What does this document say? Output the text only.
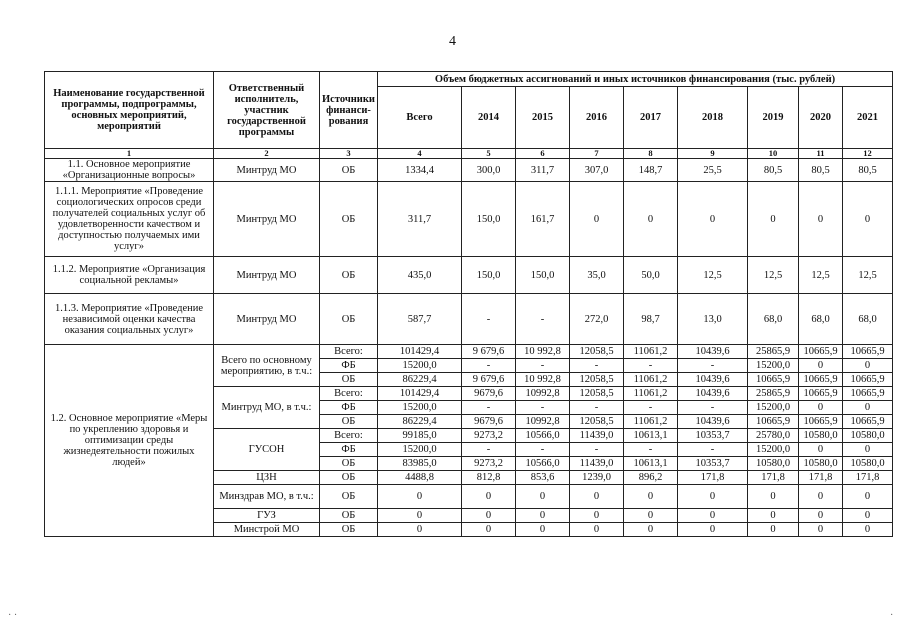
4
Наименование государственной программы, подпрограммы, основных мероприятий, мероприятий	Ответственный исполнитель, участник государственной программы	Источники финанси-рования	Объем бюджетных ассигнований и иных источников финансирования (тыс. рублей)								
			Всего	2014	2015	2016	2017	2018	2019	2020	2021
1	2	3	4	5	6	7	8	9	10	11	12
1.1. Основное мероприятие «Организационные вопросы»	Минтруд МО	ОБ	1334,4	300,0	311,7	307,0	148,7	25,5	80,5	80,5	80,5
1.1.1. Мероприятие «Проведение социологических опросов среди получателей социальных услуг об удовлетворенности качеством и доступностью получаемых ими услуг»	Минтруд МО	ОБ	311,7	150,0	161,7	0	0	0	0	0	0
1.1.2. Мероприятие «Организация социальной рекламы»	Минтруд МО	ОБ	435,0	150,0	150,0	35,0	50,0	12,5	12,5	12,5	12,5
1.1.3. Мероприятие «Проведение независимой оценки качества оказания социальных услуг»	Минтруд МО	ОБ	587,7	-	-	272,0	98,7	13,0	68,0	68,0	68,0
1.2. Основное мероприятие «Меры по укреплению здоровья и оптимизации среды жизнедеятельности пожилых людей»	Всего по основному мероприятию, в т.ч.:	Всего:	101429,4	9 679,6	10 992,8	12058,5	11061,2	10439,6	25865,9	10665,9	10665,9
		ФБ	15200,0	-	-	-	-	-	15200,0	0	0
		ОБ	86229,4	9 679,6	10 992,8	12058,5	11061,2	10439,6	10665,9	10665,9	10665,9
	Минтруд МО, в т.ч.:	Всего:	101429,4	9679,6	10992,8	12058,5	11061,2	10439,6	25865,9	10665,9	10665,9
		ФБ	15200,0	-	-	-	-	-	15200,0	0	0
		ОБ	86229,4	9679,6	10992,8	12058,5	11061,2	10439,6	10665,9	10665,9	10665,9
	ГУСОН	Всего:	99185,0	9273,2	10566,0	11439,0	10613,1	10353,7	25780,0	10580,0	10580,0
		ФБ	15200,0	-	-	-	-	-	15200,0	0	0
		ОБ	83985,0	9273,2	10566,0	11439,0	10613,1	10353,7	10580,0	10580,0	10580,0
	ЦЗН	ОБ	4488,8	812,8	853,6	1239,0	896,2	171,8	171,8	171,8	171,8
	Минздрав МО, в т.ч.:	ОБ	0	0	0	0	0	0	0	0	0
	ГУЗ	ОБ	0	0	0	0	0	0	0	0	0
	Минстрой МО	ОБ	0	0	0	0	0	0	0	0	0
· ·	·
